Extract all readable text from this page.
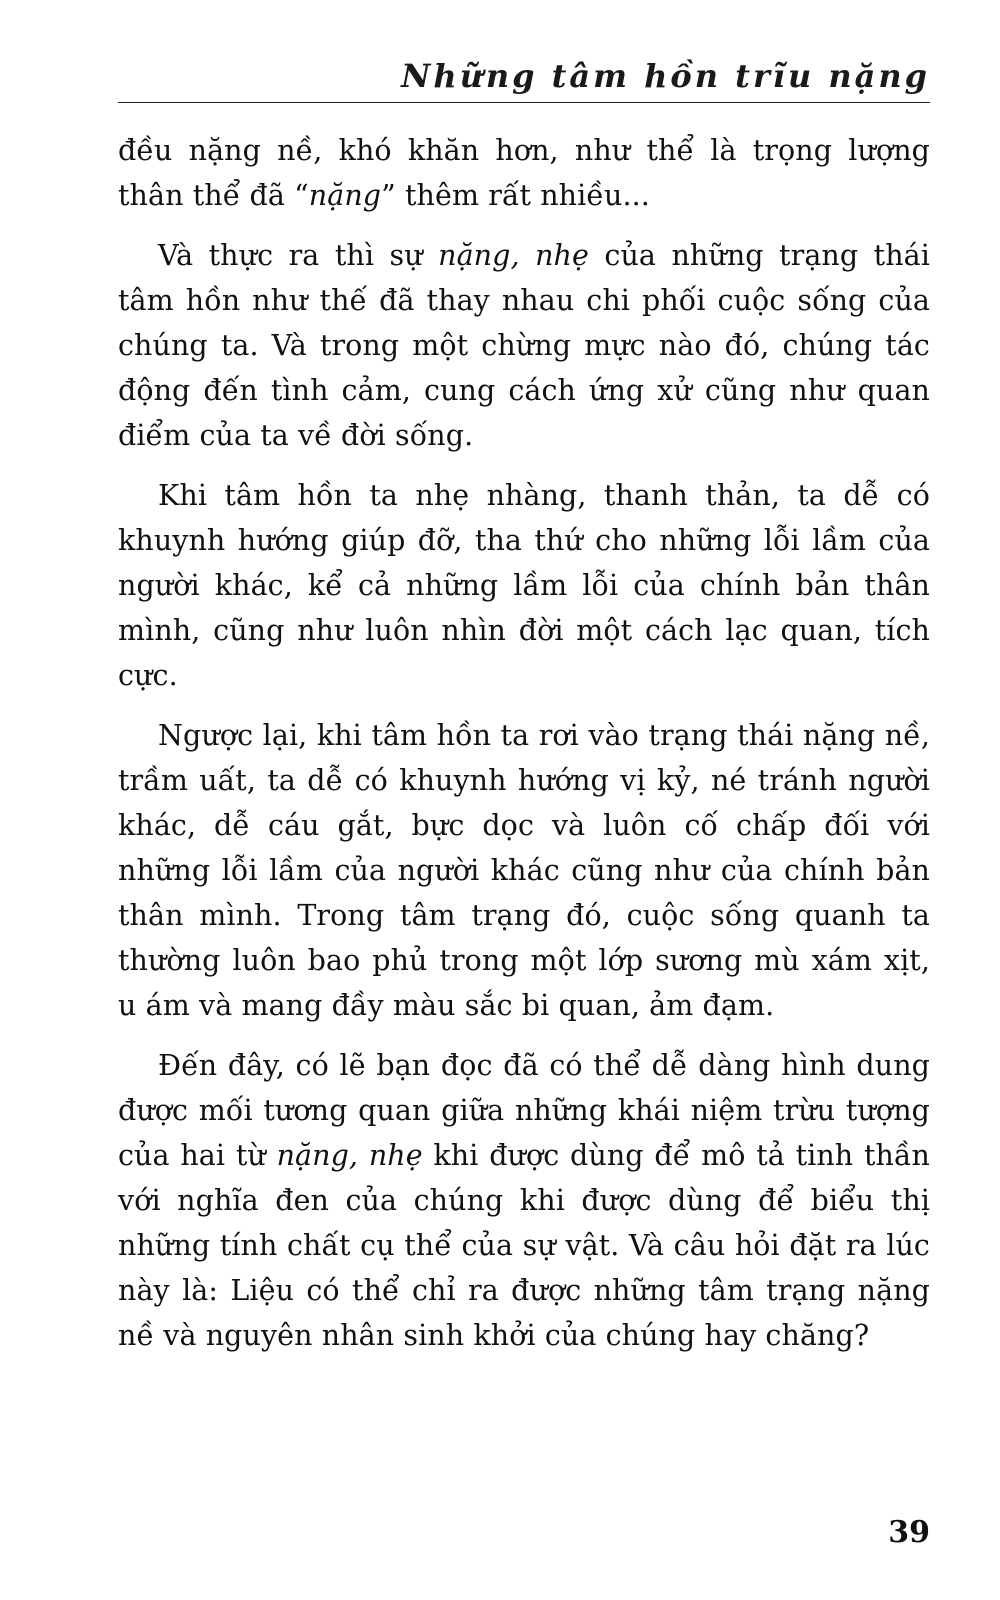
Những tâm hồn trĩu nặng

đều nặng nề, khó khăn hơn, như thể là trọng lượng thân thể đã “nặng” thêm rất nhiều...

Và thực ra thì sự nặng, nhẹ của những trạng thái tâm hồn như thế đã thay nhau chi phối cuộc sống của chúng ta. Và trong một chừng mực nào đó, chúng tác động đến tình cảm, cung cách ứng xử cũng như quan điểm của ta về đời sống.

Khi tâm hồn ta nhẹ nhàng, thanh thản, ta dễ có khuynh hướng giúp đỡ, tha thứ cho những lỗi lầm của người khác, kể cả những lầm lỗi của chính bản thân mình, cũng như luôn nhìn đời một cách lạc quan, tích cực.

Ngược lại, khi tâm hồn ta rơi vào trạng thái nặng nề, trầm uất, ta dễ có khuynh hướng vị kỷ, né tránh người khác, dễ cáu gắt, bực dọc và luôn cố chấp đối với những lỗi lầm của người khác cũng như của chính bản thân mình. Trong tâm trạng đó, cuộc sống quanh ta thường luôn bao phủ trong một lớp sương mù xám xịt, u ám và mang đầy màu sắc bi quan, ảm đạm.

Đến đây, có lẽ bạn đọc đã có thể dễ dàng hình dung được mối tương quan giữa những khái niệm trừu tượng của hai từ nặng, nhẹ khi được dùng để mô tả tinh thần với nghĩa đen của chúng khi được dùng để biểu thị những tính chất cụ thể của sự vật. Và câu hỏi đặt ra lúc này là: Liệu có thể chỉ ra được những tâm trạng nặng nề và nguyên nhân sinh khởi của chúng hay chăng?

39
